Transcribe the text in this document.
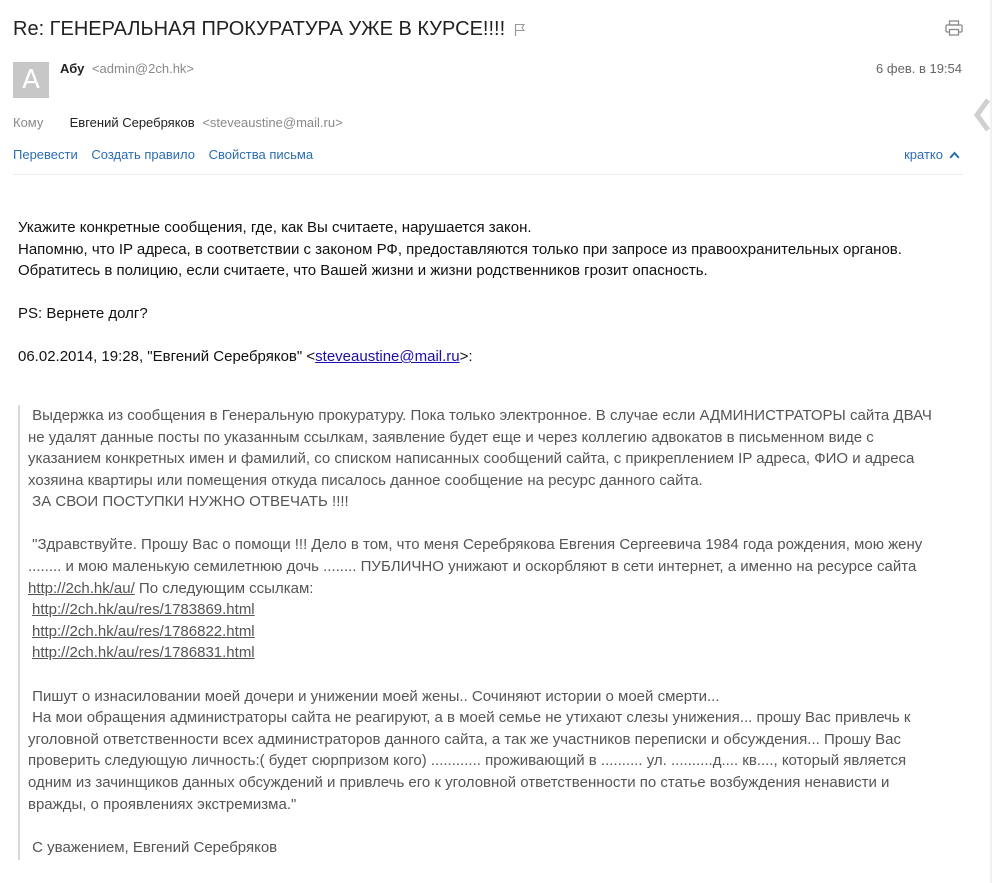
Re: ГЕНЕРАЛЬНАЯ ПРОКУРАТУРА УЖЕ В КУРСЕ!!!!
А	Абу <admin@2ch.hk>	6 фев. в 19:54
Кому Евгений Серебряков <steveaustine@mail.ru>
Перевести Создать правило Свойства письма	кратко

Укажите конкретные сообщения, где, как Вы считаете, нарушается закон.

Напомню, что IP адреса, в соответствии с законом РФ, предоставляются только при запросе из правоохранительных органов.

Обратитесь в полицию, если считаете, что Вашей жизни и жизни родственников грозит опасность.

PS: Вернете долг?

06.02.2014, 19:28, "Евгений Серебряков" <steveaustine@mail.ru>:

Выдержка из сообщения в Генеральную прокуратуру. Пока только электронное. В случае если АДМИНИСТРАТОРЫ сайта ДВАЧ

не удалят данные посты по указанным ссылкам, заявление будет еще и через коллегию адвокатов в письменном виде с

указанием конкретных имен и фамилий, со списком написанных сообщений сайта, с прикреплением IP адреса, ФИО и адреса

хозяина квартиры или помещения откуда писалось данное сообщение на ресурс данного сайта.

ЗА СВОИ ПОСТУПКИ НУЖНО ОТВЕЧАТЬ !!!!

"Здравствуйте. Прошу Вас о помощи !!! Дело в том, что меня Серебрякова Евгения Сергеевича 1984 года рождения, мою жену

........ и мою маленькую семилетнюю дочь ........ ПУБЛИЧНО унижают и оскорбляют в сети интернет, а именно на ресурсе сайта

http://2ch.hk/au/ По следующим ссылкам:

http://2ch.hk/au/res/1783869.html

http://2ch.hk/au/res/1786822.html

http://2ch.hk/au/res/1786831.html

Пишут о изнасиловании моей дочери и унижении моей жены.. Сочиняют истории о моей смерти...

На мои обращения администраторы сайта не реагируют, а в моей семье не утихают слезы унижения... прошу Вас привлечь к

уголовной ответственности всех администраторов данного сайта, а так же участников переписки и обсуждения... Прошу Вас

проверить следующую личность:( будет сюрпризом кого) ............ проживающий в .......... ул. ..........д.... кв...., который является

одним из зачинщиков данных обсуждений и привлечь его к уголовной ответственности по статье возбуждения ненависти и

вражды, о проявлениях экстремизма."

С уважением, Евгений Серебряков
